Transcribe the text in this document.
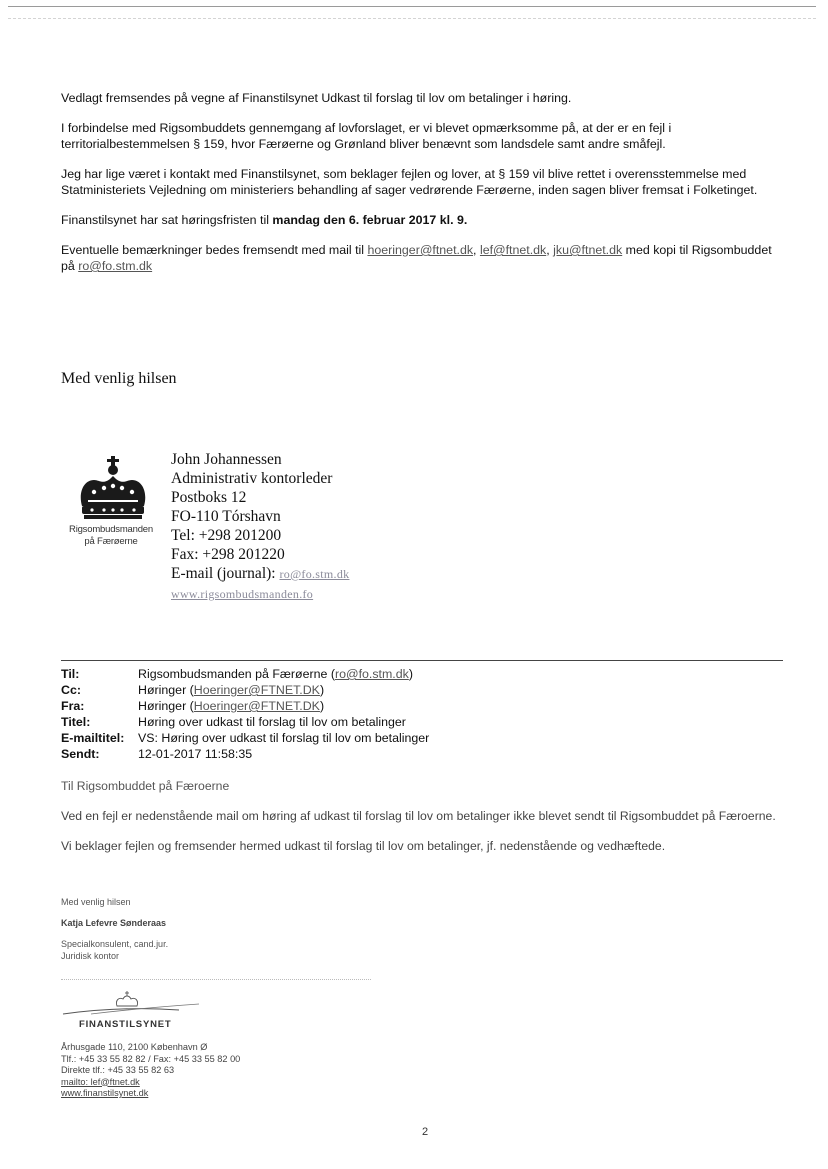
Vedlagt fremsendes på vegne af Finanstilsynet Udkast til forslag til lov om betalinger i høring.

I forbindelse med Rigsombuddets gennemgang af lovforslaget, er vi blevet opmærksomme på, at der er en fejl i territorialbestemmelsen § 159, hvor Færøerne og Grønland bliver benævnt som landsdele samt andre småfejl.

Jeg har lige været i kontakt med Finanstilsynet, som beklager fejlen og lover, at § 159 vil blive rettet i overensstemmelse med Statministeriets Vejledning om ministeriers behandling af sager vedrørende Færøerne, inden sagen bliver fremsat i Folketinget.

Finanstilsynet har sat høringsfristen til mandag den 6. februar 2017 kl. 9.

Eventuelle bemærkninger bedes fremsendt med mail til hoeringer@ftnet.dk, lef@ftnet.dk, jku@ftnet.dk med kopi til Rigsombuddet på ro@fo.stm.dk

Med venlig hilsen
Rigsombudsmanden
på Færøerne
John Johannessen
Administrativ kontorleder
Postboks 12
FO-110 Tórshavn
Tel: +298 201200
Fax: +298 201220
E-mail (journal): ro@fo.stm.dk
www.rigsombudsmanden.fo
Til:	Rigsombudsmanden på Færøerne (ro@fo.stm.dk)
Cc:	Høringer (Hoeringer@FTNET.DK)
Fra:	Høringer (Hoeringer@FTNET.DK)
Titel:	Høring over udkast til forslag til lov om betalinger
E-mailtitel:	VS: Høring over udkast til forslag til lov om betalinger
Sendt:	12-01-2017 11:58:35

Til Rigsombuddet på Færoerne

Ved en fejl er nedenstående mail om høring af udkast til forslag til lov om betalinger ikke blevet sendt til Rigsombuddet på Færoerne.

Vi beklager fejlen og fremsender hermed udkast til forslag til lov om betalinger, jf. nedenstående og vedhæftede.

Med venlig hilsen
Katja Lefevre Sønderaas
Specialkonsulent, cand.jur.
Juridisk kontor
FINANSTILSYNET
Århusgade 110, 2100 København Ø
Tlf.: +45 33 55 82 82 / Fax: +45 33 55 82 00
Direkte tlf.: +45 33 55 82 63
mailto: lef@ftnet.dk
www.finanstilsynet.dk
2
